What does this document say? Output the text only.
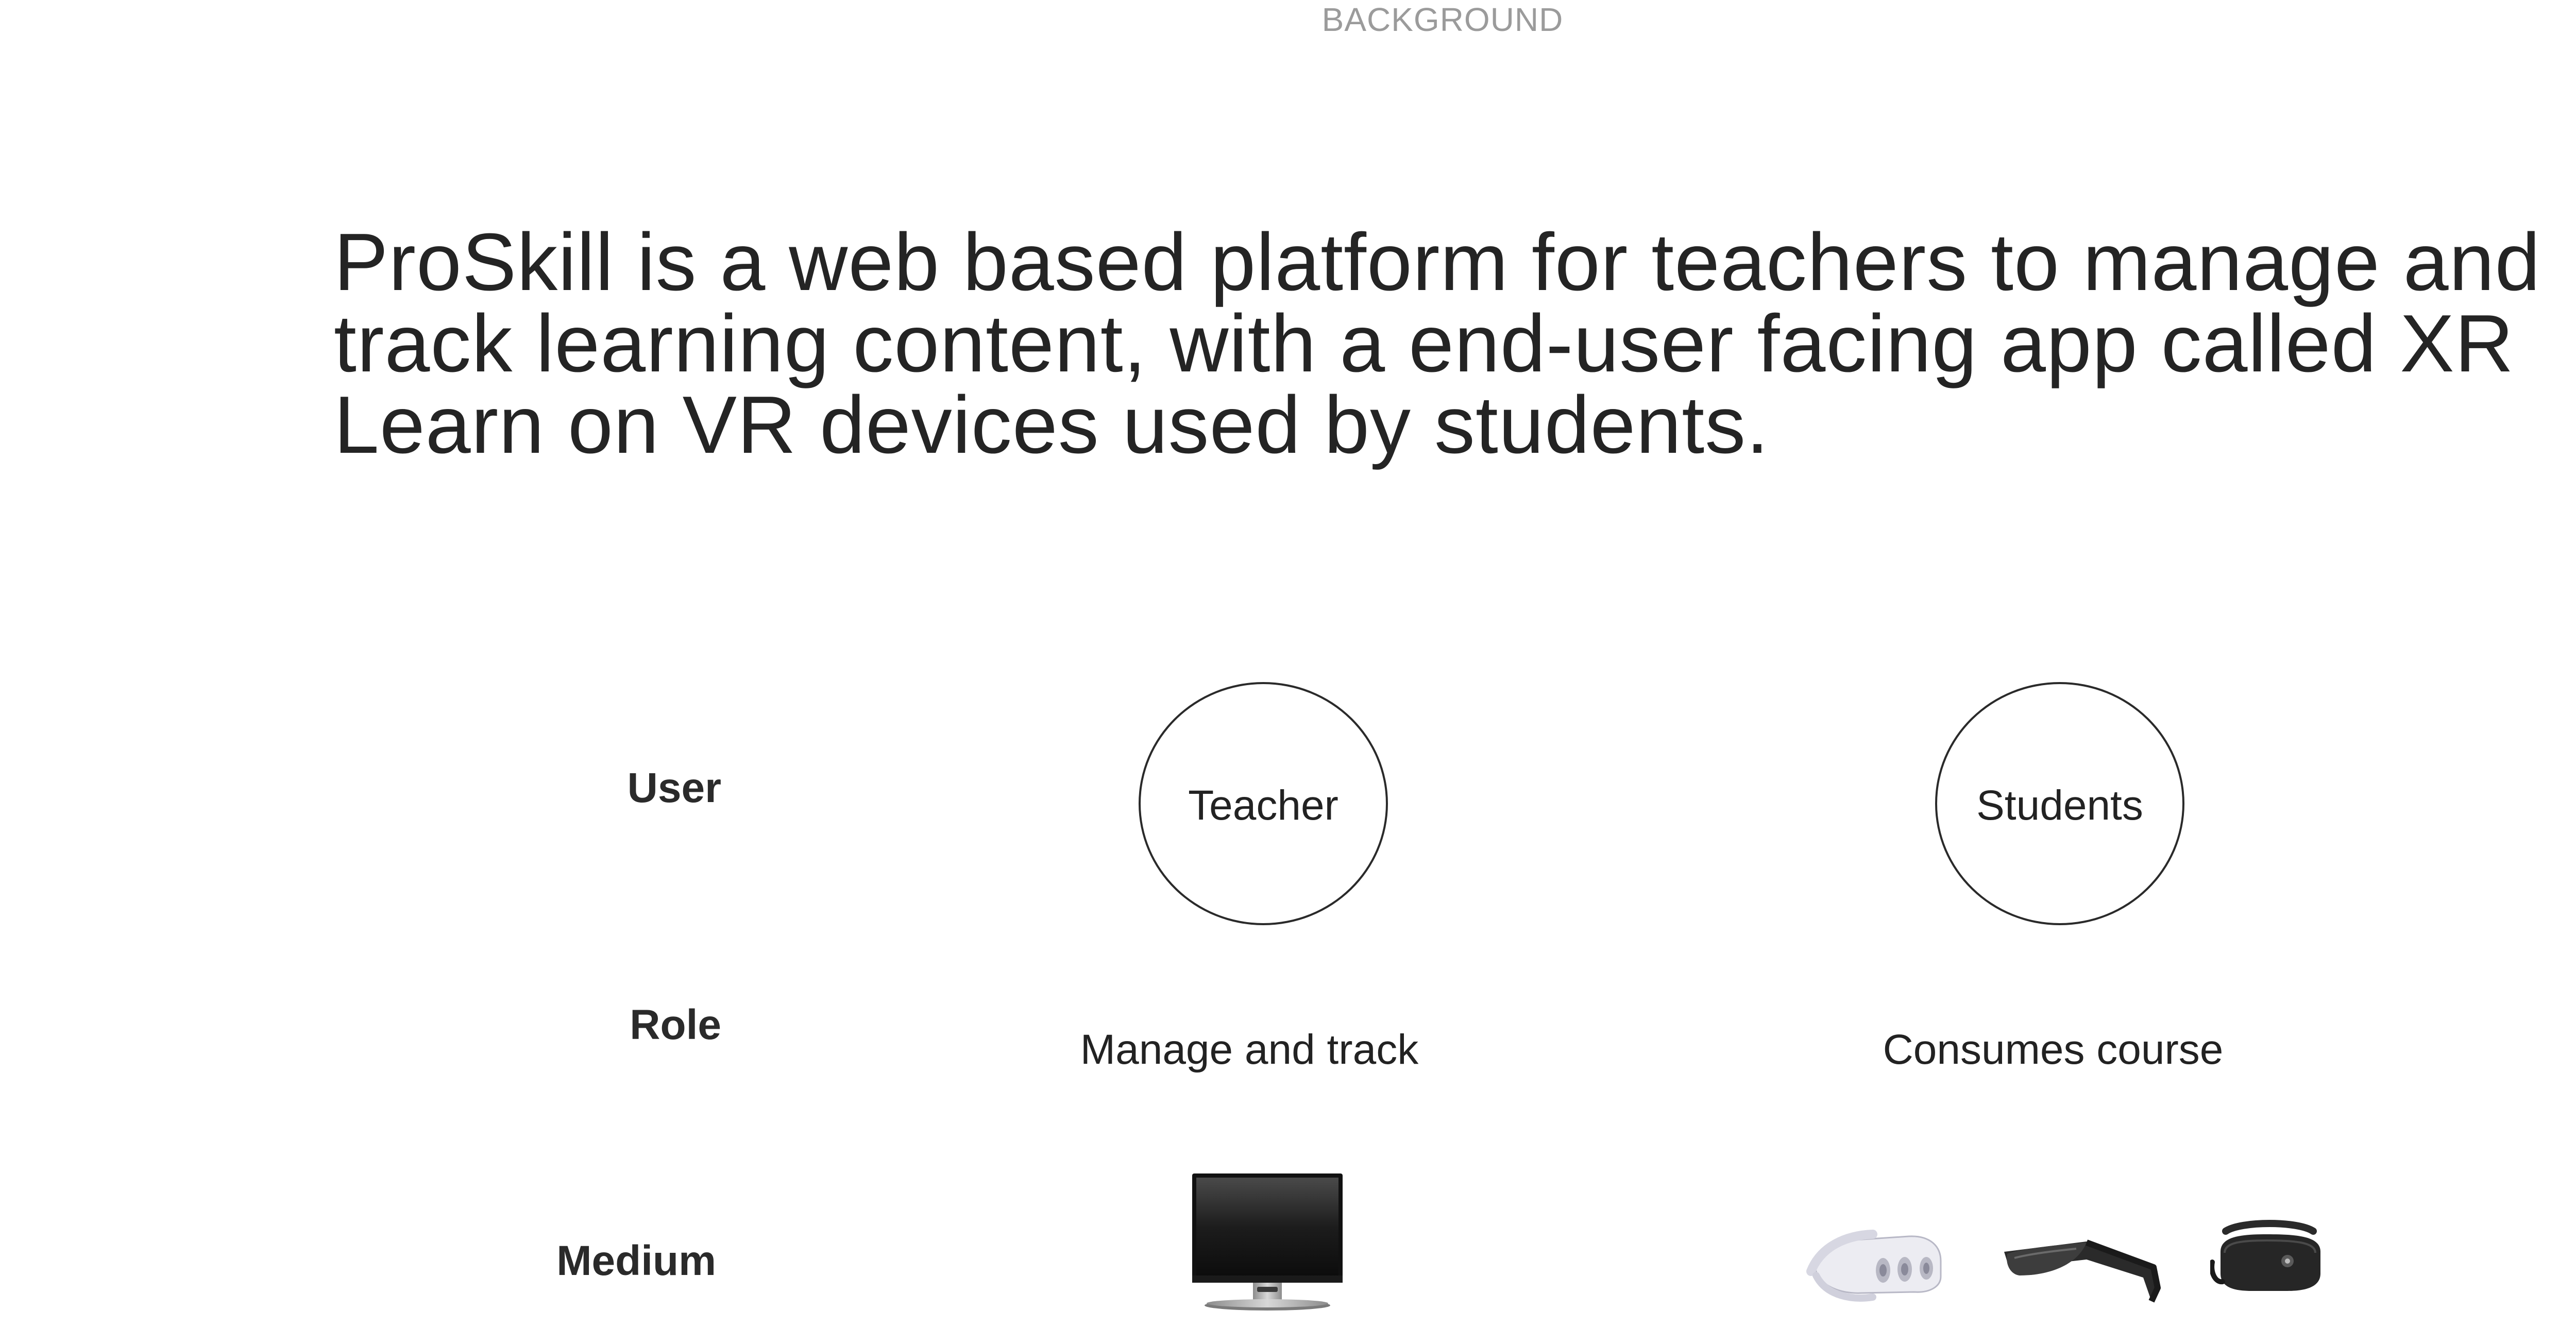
BACKGROUND

ProSkill is a web based platform for teachers to manage and track learning content, with a end-user facing app called XR Learn on VR devices used by students.

User
Role
Medium
Teacher	Students
Manage and track	Consumes course
